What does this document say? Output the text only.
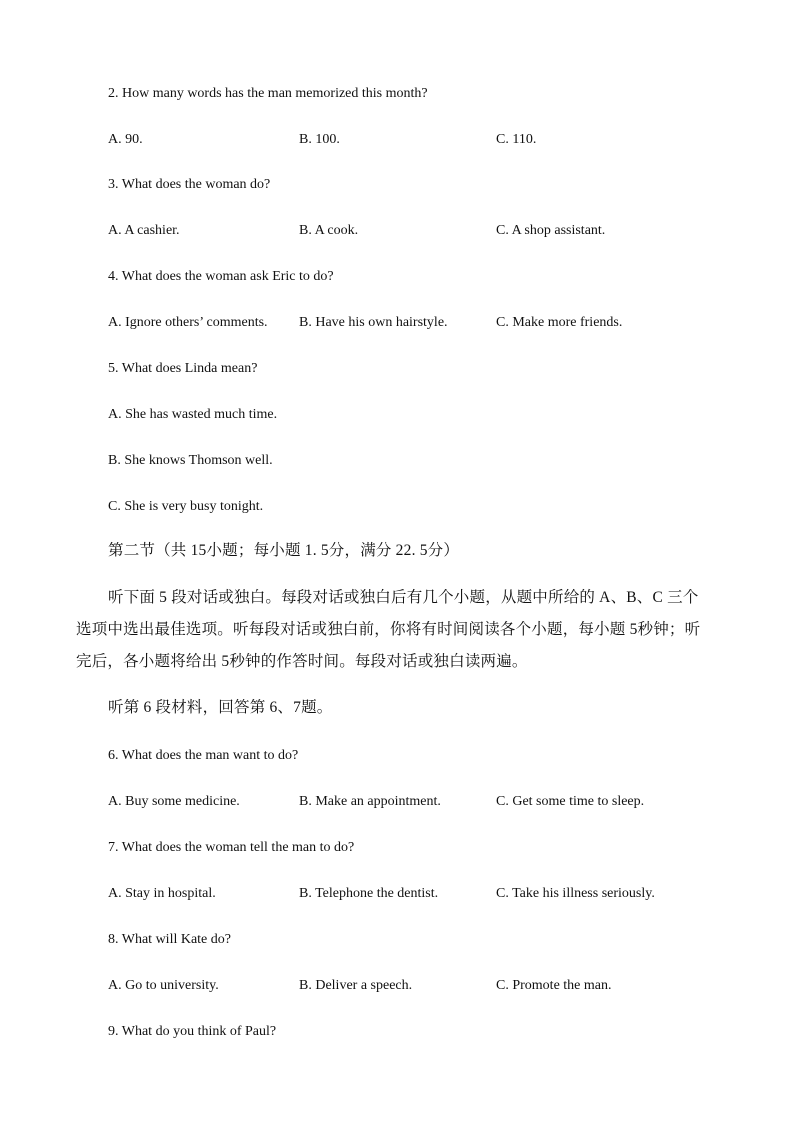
2. How many words has the man memorized this month?
A. 90.	B. 100.	C. 110.
3. What does the woman do?
A. A cashier.	B. A cook.	C. A shop assistant.
4. What does the woman ask Eric to do?
A. Ignore others’ comments. B. Have his own hairstyle.	C. Make more friends.
5. What does Linda mean?
A. She has wasted much time.
B. She knows Thomson well.
C. She is very busy tonight.
第二节（共 15小题；每小题 1. 5分，满分 22. 5分）
听下面 5 段对话或独白。每段对话或独白后有几个小题，从题中所给的 A、B、C 三个
选项中选出最佳选项。听每段对话或独白前，你将有时间阅读各个小题，每小题 5秒钟；听
完后，各小题将给出 5秒钟的作答时间。每段对话或独白读两遍。
听第 6 段材料，回答第 6、7题。
6. What does the man want to do?
A. Buy some medicine.	B. Make an appointment.	C. Get some time to sleep.
7. What does the woman tell the man to do?
A. Stay in hospital.	B. Telephone the dentist.	C. Take his illness seriously.
8. What will Kate do?
A. Go to university.	B. Deliver a speech.	C. Promote the man.
9. What do you think of Paul?
